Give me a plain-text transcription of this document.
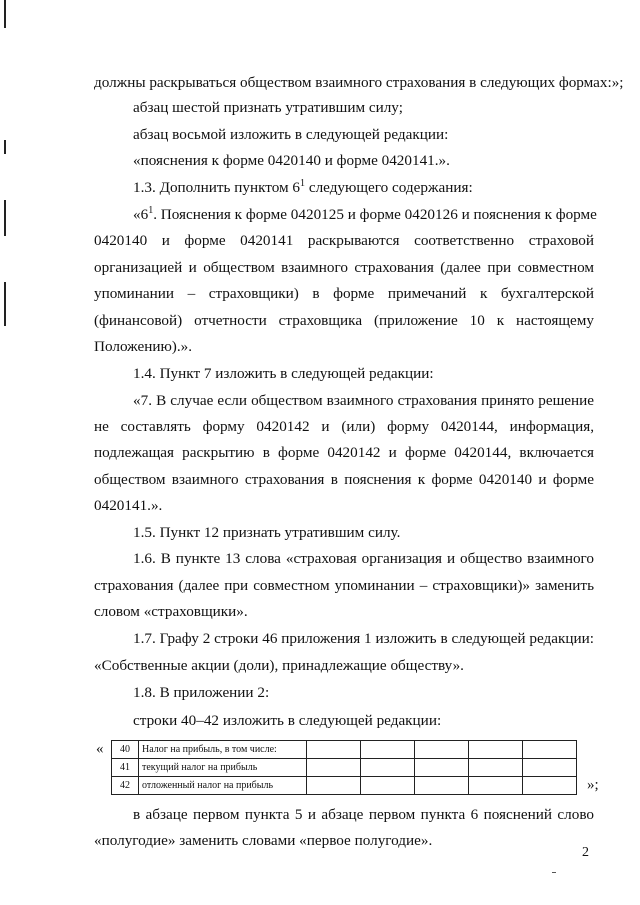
должны раскрываться обществом взаимного страхования в следующих формах:»;
абзац шестой признать утратившим силу;
абзац восьмой изложить в следующей редакции:
«пояснения к форме 0420140 и форме 0420141.».
1.3. Дополнить пунктом $6^1$ следующего содержания:
«$6^1$. Пояснения к форме 0420125 и форме 0420126 и пояснения к форме
0420140 и форме 0420141 раскрываются соответственно страховой
организацией и обществом взаимного страхования (далее при совместном
упоминании – страховщики) в форме примечаний к бухгалтерской
(финансовой) отчетности страховщика (приложение 10 к настоящему
Положению).».
1.4. Пункт 7 изложить в следующей редакции:
«7. В случае если обществом взаимного страхования принято решение
не составлять форму 0420142 и (или) форму 0420144, информация,
подлежащая раскрытию в форме 0420142 и форме 0420144, включается
обществом взаимного страхования в пояснения к форме 0420140 и форме
0420141.».
1.5. Пункт 12 признать утратившим силу.
1.6. В пункте 13 слова «страховая организация и общество взаимного
страхования (далее при совместном упоминании – страховщики)» заменить
словом «страховщики».
1.7. Графу 2 строки 46 приложения 1 изложить в следующей редакции:
«Собственные акции (доли), принадлежащие обществу».
1.8. В приложении 2:
строки 40–42 изложить в следующей редакции:
« 40	Налог на прибыль, в том числе:					
41	текущий налог на прибыль					
42	отложенный налог на прибыль						»;
в абзаце первом пункта 5 и абзаце первом пункта 6 пояснений слово
«полугодие» заменить словами «первое полугодие».
2
